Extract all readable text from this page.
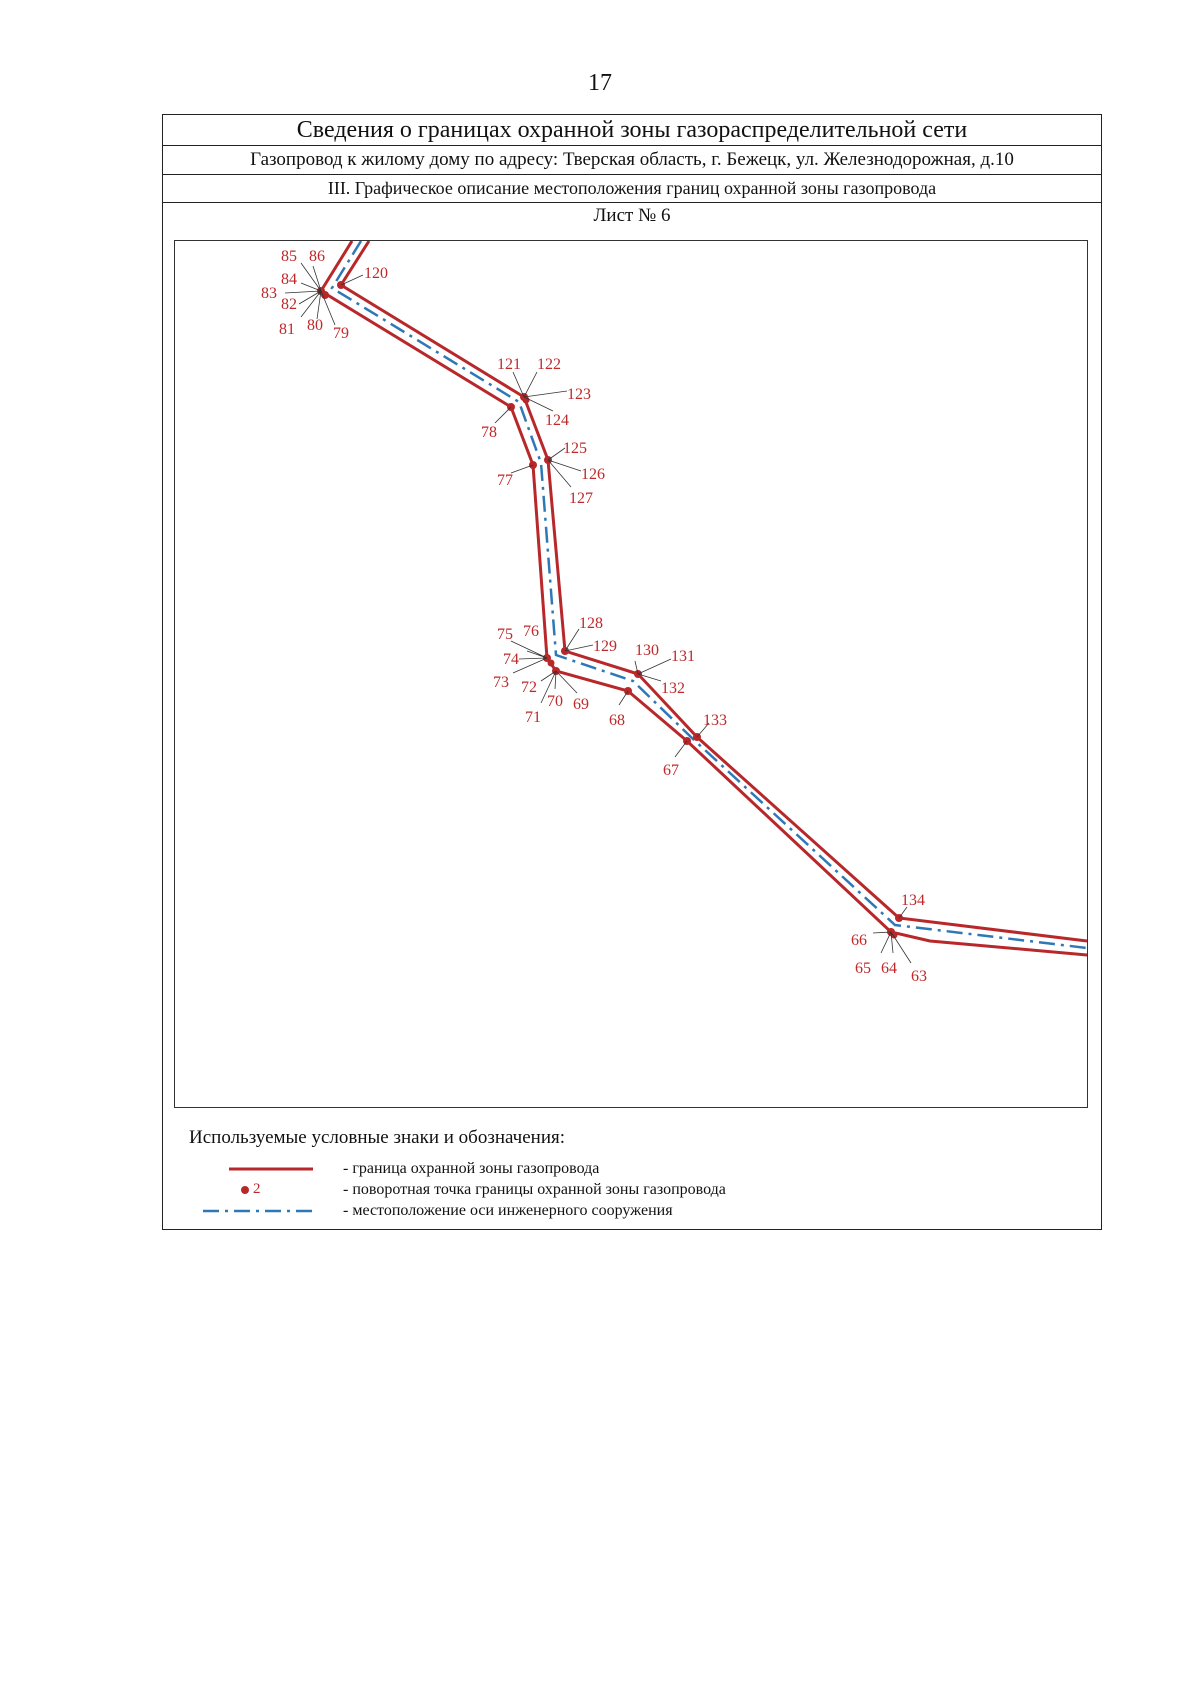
17
Сведения о границах охранной зоны газораспределительной сети
Газопровод к жилому дому по адресу: Тверская область, г. Бежецк, ул. Железнодорожная, д.10
III. Графическое описание местоположения границ охранной зоны газопровода
Лист № 6
85 86
120
84
83
82
81 80 79
121 122
123
124
78
125
126
77
127
128
129 130 131
132
75 76
74
73 72
70 69
71	68	133
67
134
66
65 64 63
Используемые условные знаки и обозначения:
- граница охранной зоны газопровода
2	- поворотная точка границы охранной зоны газопровода
- местоположение оси инженерного сооружения
